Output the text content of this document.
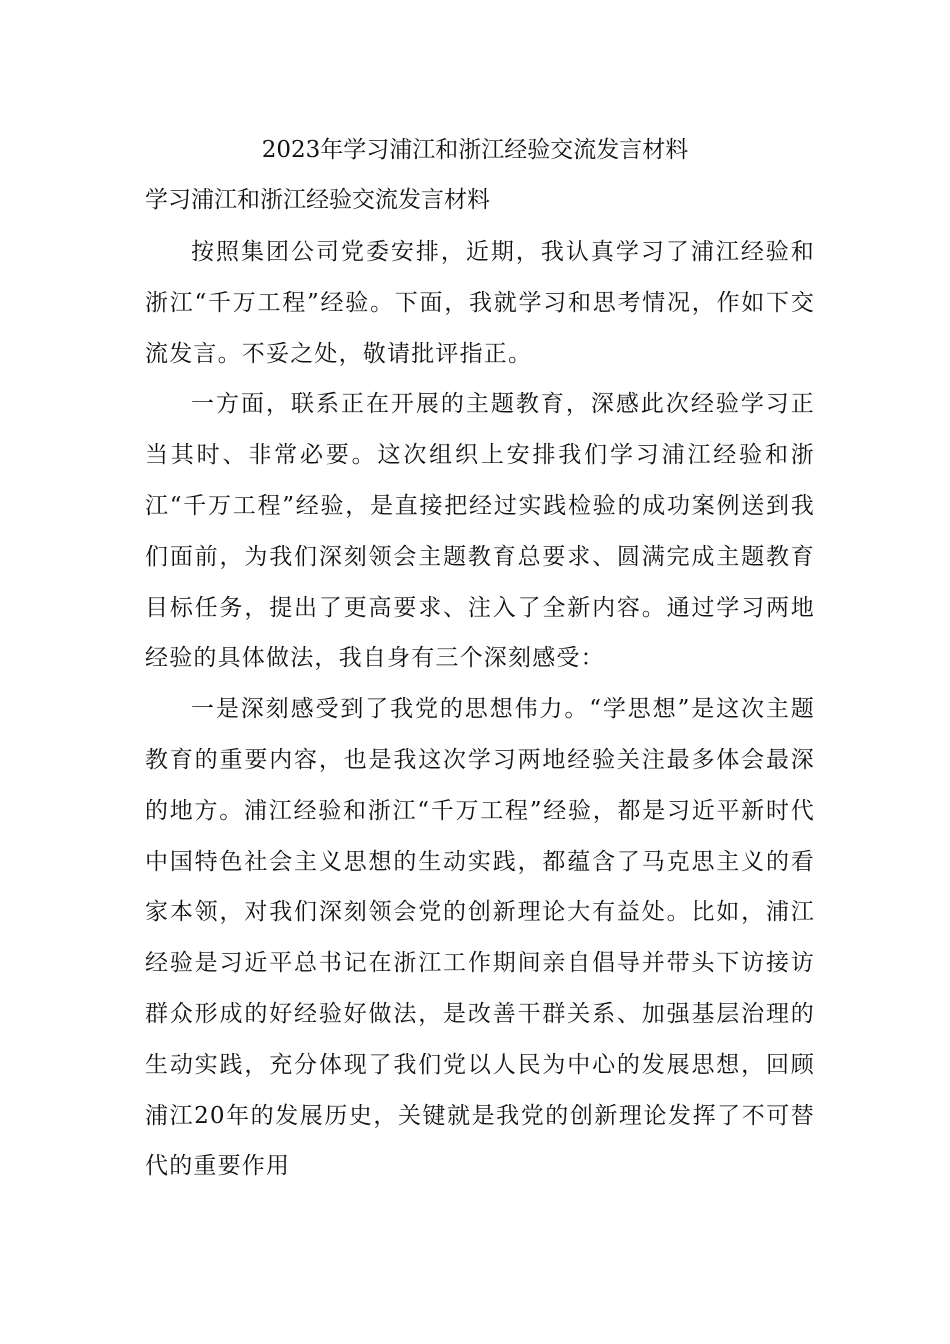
2023年学习浦江和浙江经验交流发言材料
学习浦江和浙江经验交流发言材料

按照集团公司党委安排，近期，我认真学习了浦江经验和浙江“千万工程”经验。下面，我就学习和思考情况，作如下交流发言。不妥之处，敬请批评指正。

一方面，联系正在开展的主题教育，深感此次经验学习正当其时、非常必要。这次组织上安排我们学习浦江经验和浙江“千万工程”经验，是直接把经过实践检验的成功案例送到我们面前，为我们深刻领会主题教育总要求、圆满完成主题教育目标任务，提出了更高要求、注入了全新内容。通过学习两地经验的具体做法，我自身有三个深刻感受：

一是深刻感受到了我党的思想伟力。“学思想”是这次主题教育的重要内容，也是我这次学习两地经验关注最多体会最深的地方。浦江经验和浙江“千万工程”经验，都是习近平新时代中国特色社会主义思想的生动实践，都蕴含了马克思主义的看家本领，对我们深刻领会党的创新理论大有益处。比如，浦江经验是习近平总书记在浙江工作期间亲自倡导并带头下访接访群众形成的好经验好做法，是改善干群关系、加强基层治理的生动实践，充分体现了我们党以人民为中心的发展思想，回顾浦江20年的发展历史，关键就是我党的创新理论发挥了不可替代的重要作用
